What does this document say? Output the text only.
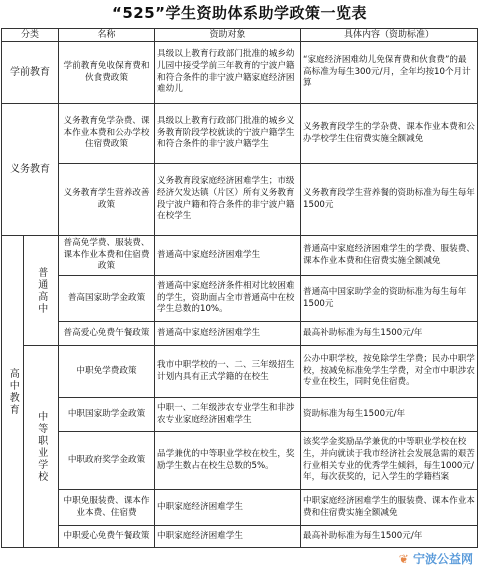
“525”学生资助体系助学政策一览表
分类		名称	资助对象	具体内容（资助标准）
学前教育		学前教育免收保育费和伙食费政策	具级以上教育行政部门批准的城乡幼儿园中接受学前三年教育的宁波户籍和符合条件的非宁波户籍家庭经济困难幼儿	“家庭经济困难幼儿免保育费和伙食费”的最高标准为每生300元/月，全年均按10个月计算
义务教育		义务教育免学杂费、课本作业本费和公办学校住宿费政策	具级以上教育行政部门批准的城乡义务教育阶段学校就读的宁波户籍学生和符合条件的非宁波户籍学生	义务教育段学生的学杂费、课本作业本费和公办学校学生住宿费实施全额减免
		义务教育学生营养改善政策	义务教育段家庭经济困难学生；市级经济欠发达镇（片区）所有义务教育段宁波户籍和符合条件的非宁波户籍在校学生	义务教育段学生营养餐的资助标准为每生每年1500元

高中教育	普通高中	普高免学费、服装费、课本作业本费和住宿费政策	普通高中家庭经济困难学生	普通高中家庭经济困难学生的学费、服装费、课本作业本费和住宿费实施全额减免
		普高国家助学金政策	普通高中家庭经济条件相对比较困难的学生，资助面占全市普通高中在校学生总数的10%。	普通高中国家助学金的资助标准为每生每年1500元
		普高爱心免费午餐政策	普通高中家庭经济困难学生	最高补助标准为每生1500元/年

	中等职业学校	中职免学费政策	我市中职学校的一、二、三年级招生计划内具有正式学籍的在校生	公办中职学校，按免除学生学费；民办中职学校，按减免标准免学生学费，对全市中职涉农专业在校生，同时免住宿费。
		中职国家助学金政策	中职一、二年级涉农专业学生和非涉农专业家庭经济困难学生	资助标准为每生1500元/年
		中职政府奖学金政策	品学兼优的中等职业学校在校生，奖励学生数占在校生总数的5%。	该奖学金奖励品学兼优的中等职业学校在校生，并向就读于我市经济社会发展急需的艰苦行业相关专业的优秀学生倾斜，每生1000元/年，每次获奖的，记入学生的学籍档案
		中职免服装费、课本作业本费、住宿费	中职家庭经济困难学生	中职家庭经济困难学生的服装费、课本作业本费和住宿费实施全额减免
		中职爱心免费午餐政策	中职家庭经济困难学生	最高补助标准为每生1500元/年
❦ 宁波公益网
